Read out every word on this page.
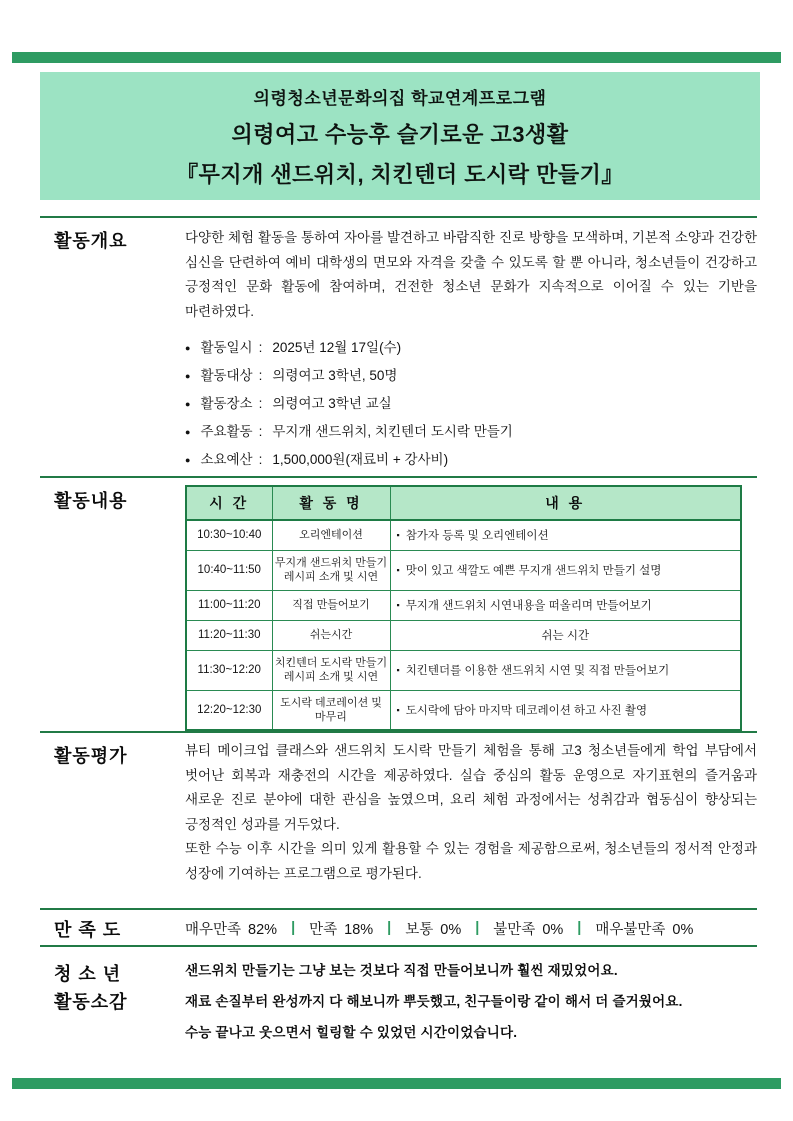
의령청소년문화의집 학교연계프로그램
의령여고 수능후 슬기로운 고3생활
『무지개 샌드위치, 치킨텐더 도시락 만들기』
활동개요	다양한 체험 활동을 통하여 자아를 발견하고 바람직한 진로 방향을 모색하며, 기본적 소양과 건강한 심신을 단련하여 예비 대학생의 면모와 자격을 갖출 수 있도록 할 뿐 아니라, 청소년들이 건강하고 긍정적인 문화 활동에 참여하며, 건전한 청소년 문화가 지속적으로 이어질 수 있는 기반을 마련하였다.
● 활동일시 : 2025년 12월 17일(수)
● 활동대상 : 의령여고 3학년, 50명
● 활동장소 : 의령여고 3학년 교실
● 주요활동 : 무지개 샌드위치, 치킨텐더 도시락 만들기
● 소요예산 : 1,500,000원(재료비 + 강사비)
활동내용	시 간	활 동 명	내 용
10:30~10:40	오리엔테이션	▪ 참가자 등록 및 오리엔테이션
10:40~11:50	무지개 샌드위치 만들기 레시피 소개 및 시연	▪ 맛이 있고 색깔도 예쁜 무지개 샌드위치 만들기 설명
11:00~11:20	직접 만들어보기	▪ 무지개 샌드위치 시연내용을 떠올리며 만들어보기
11:20~11:30	쉬는시간	쉬는 시간
11:30~12:20	치킨텐더 도시락 만들기 레시피 소개 및 시연	▪ 치킨텐더를 이용한 샌드위치 시연 및 직접 만들어보기
12:20~12:30	도시락 데코레이션 및 마무리	▪ 도시락에 담아 마지막 데코레이션 하고 사진 촬영
활동평가	뷰티 메이크업 클래스와 샌드위치 도시락 만들기 체험을 통해 고3 청소년들에게 학업 부담에서 벗어난 회복과 재충전의 시간을 제공하였다. 실습 중심의 활동 운영으로 자기표현의 즐거움과 새로운 진로 분야에 대한 관심을 높였으며, 요리 체험 과정에서는 성취감과 협동심이 향상되는 긍정적인 성과를 거두었다.
또한 수능 이후 시간을 의미 있게 활용할 수 있는 경험을 제공함으로써, 청소년들의 정서적 안정과 성장에 기여하는 프로그램으로 평가된다.
만 족 도	매우만족 82% | 만족 18% | 보통 0% | 불만족 0% | 매우불만족 0%
청 소 년
활동소감
샌드위치 만들기는 그냥 보는 것보다 직접 만들어보니까 훨씬 재밌었어요.
재료 손질부터 완성까지 다 해보니까 뿌듯했고, 친구들이랑 같이 해서 더 즐거웠어요.
수능 끝나고 웃으면서 힐링할 수 있었던 시간이었습니다.
